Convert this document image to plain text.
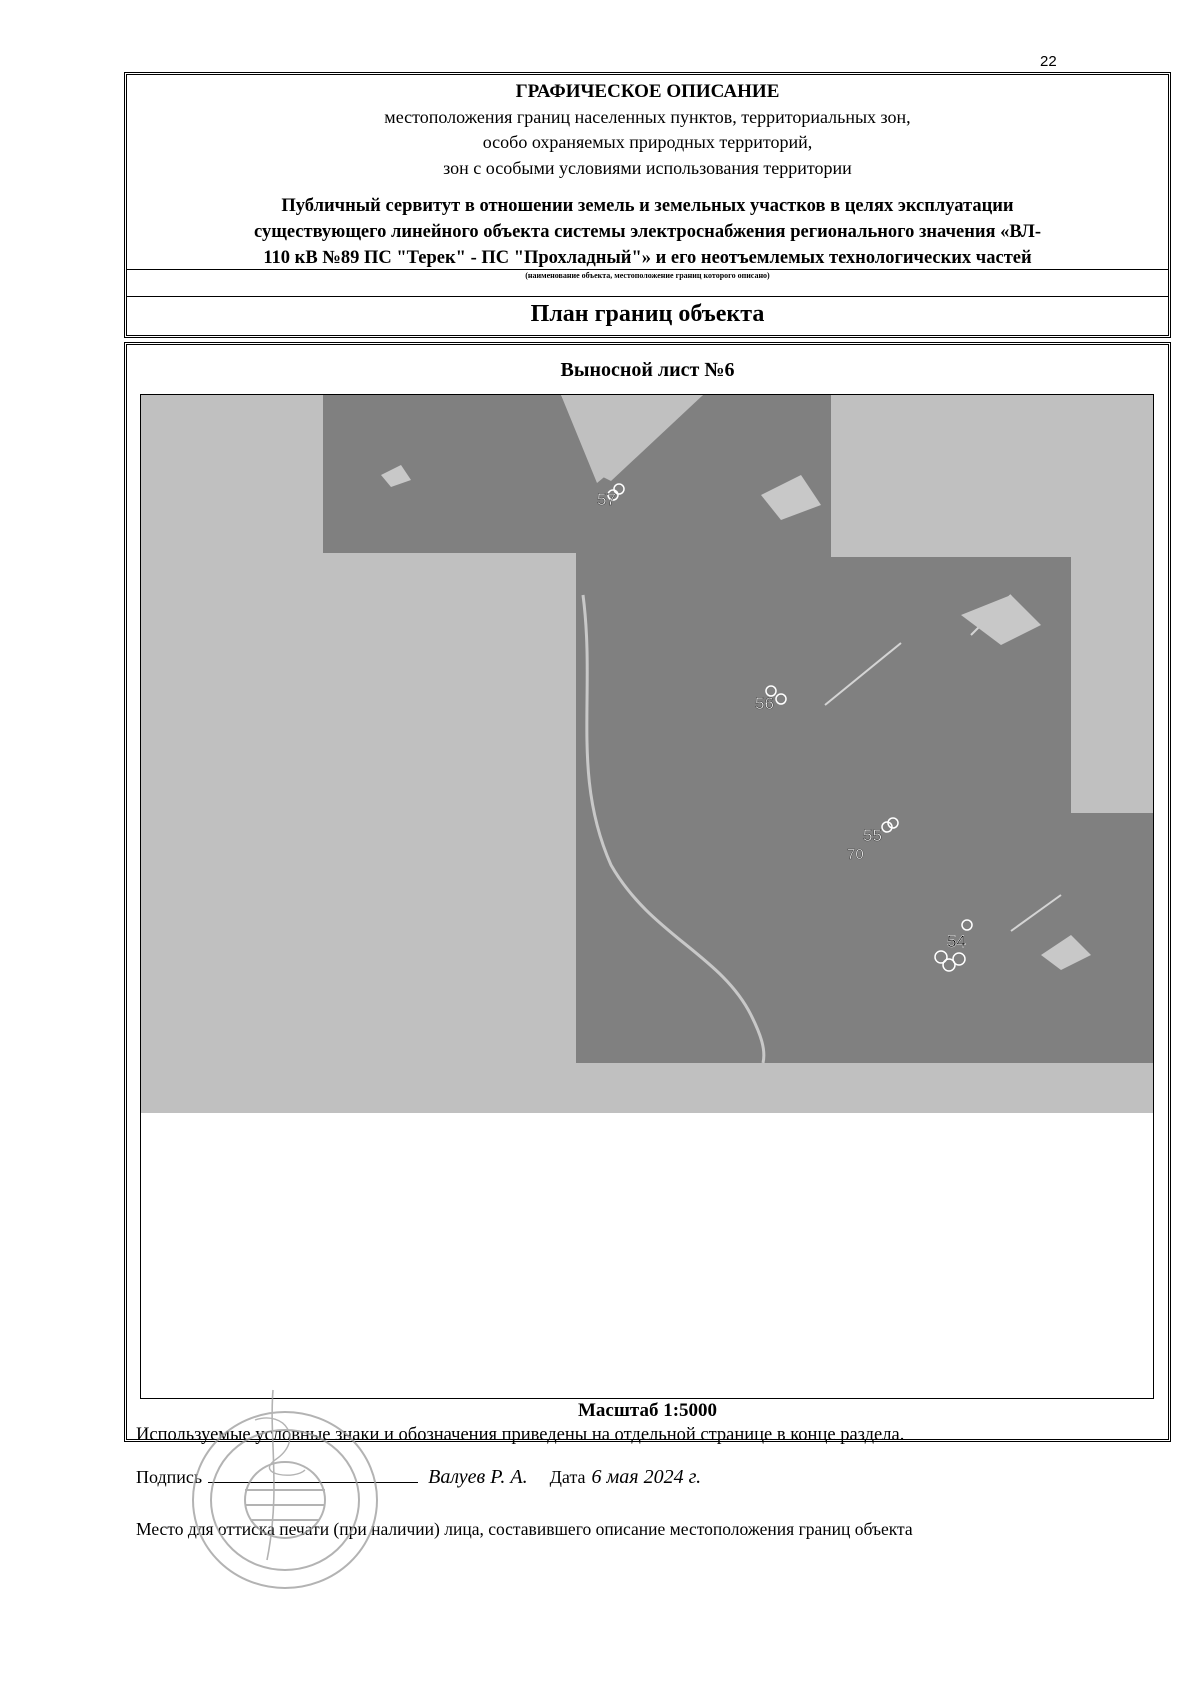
22
ГРАФИЧЕСКОЕ ОПИСАНИЕ
местоположения границ населенных пунктов, территориальных зон,
особо охраняемых природных территорий,
зон с особыми условиями использования территории
Публичный сервитут в отношении земель и земельных участков в целях эксплуатации
существующего линейного объекта системы электроснабжения регионального значения «ВЛ-
110 кВ №89 ПС "Терек" - ПС "Прохладный"» и его неотъемлемых технологических частей
(наименование объекта, местоположение границ которого описано)
План границ объекта
Выносной лист №6
57
56
55
70
54
Масштаб 1:5000
Используемые условные знаки и обозначения приведены на отдельной странице в конце раздела.
Подпись	Валуев Р. А. Дата 6 мая 2024 г.
Место для оттиска печати (при наличии) лица, составившего описание местоположения границ объекта
